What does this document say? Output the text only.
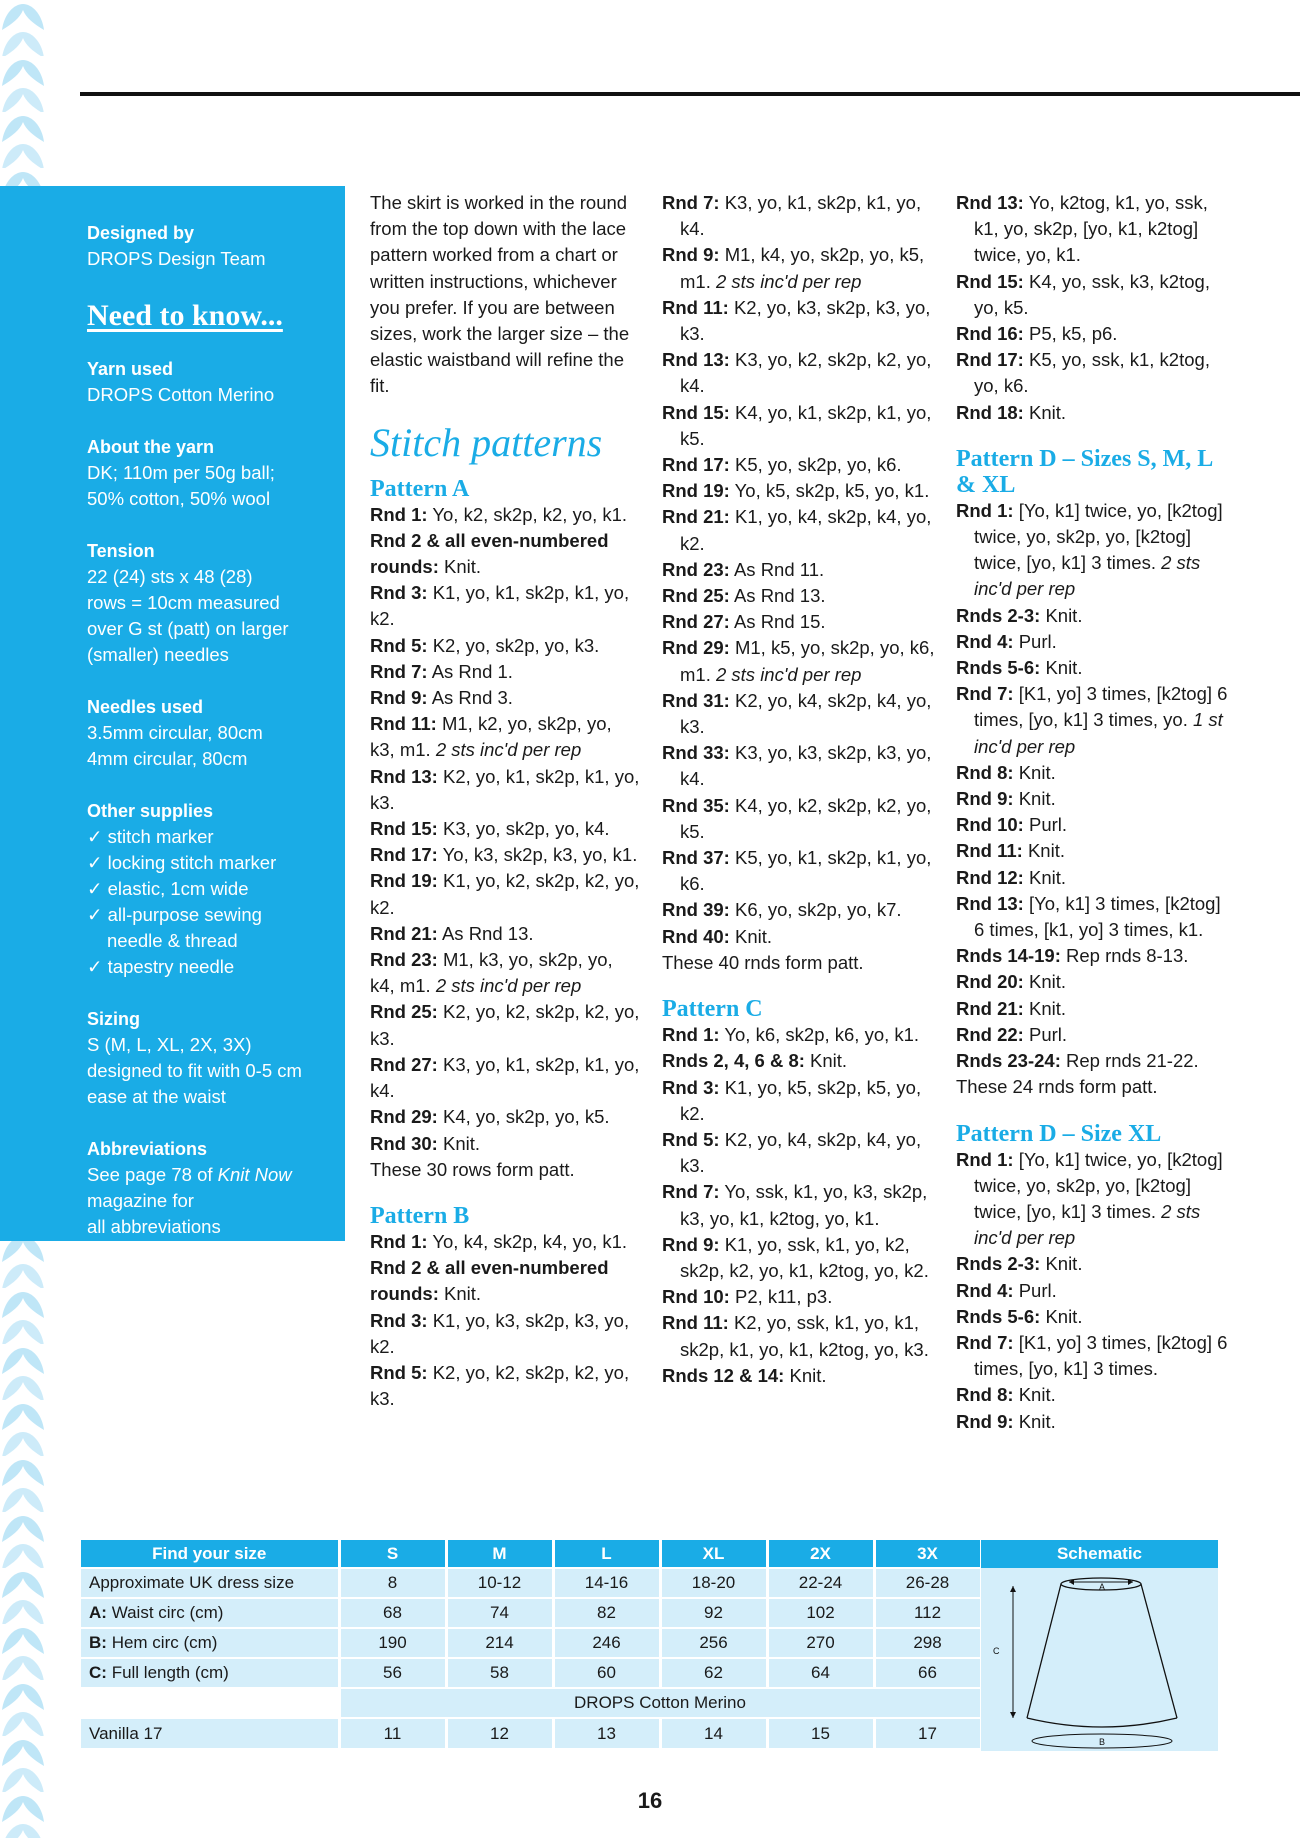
Designed by

DROPS Design Team

Need to know...
Yarn used

DROPS Cotton Merino

About the yarn

DK; 110m per 50g ball;

50% cotton, 50% wool

Tension

22 (24) sts x 48 (28)

rows = 10cm measured

over G st (patt) on larger

(smaller) needles

Needles used

3.5mm circular, 80cm

4mm circular, 80cm

Other supplies

✓ stitch marker

✓ locking stitch marker

✓ elastic, 1cm wide

✓ all-purpose sewing needle & thread

✓ tapestry needle

Sizing

S (M, L, XL, 2X, 3X)

designed to fit with 0-5 cm

ease at the waist

Abbreviations

See page 78 of Knit Now magazine for

all abbreviations

The skirt is worked in the round from the top down with the lace pattern worked from a chart or written instructions, whichever you prefer. If you are between sizes, work the larger size – the elastic waistband will refine the fit.

Stitch patterns
Pattern A

Rnd 1: Yo, k2, sk2p, k2, yo, k1.

Rnd 2 & all even-numbered rounds: Knit.

Rnd 3: K1, yo, k1, sk2p, k1, yo, k2.

Rnd 5: K2, yo, sk2p, yo, k3.

Rnd 7: As Rnd 1.

Rnd 9: As Rnd 3.

Rnd 11: M1, k2, yo, sk2p, yo, k3, m1. 2 sts inc'd per rep

Rnd 13: K2, yo, k1, sk2p, k1, yo, k3.

Rnd 15: K3, yo, sk2p, yo, k4.

Rnd 17: Yo, k3, sk2p, k3, yo, k1.

Rnd 19: K1, yo, k2, sk2p, k2, yo, k2.

Rnd 21: As Rnd 13.

Rnd 23: M1, k3, yo, sk2p, yo, k4, m1. 2 sts inc'd per rep

Rnd 25: K2, yo, k2, sk2p, k2, yo, k3.

Rnd 27: K3, yo, k1, sk2p, k1, yo, k4.

Rnd 29: K4, yo, sk2p, yo, k5.

Rnd 30: Knit.

These 30 rows form patt.

Pattern B

Rnd 1: Yo, k4, sk2p, k4, yo, k1.

Rnd 2 & all even-numbered rounds: Knit.

Rnd 3: K1, yo, k3, sk2p, k3, yo, k2.

Rnd 5: K2, yo, k2, sk2p, k2, yo, k3.

Rnd 7: K3, yo, k1, sk2p, k1, yo, k4.

Rnd 9: M1, k4, yo, sk2p, yo, k5, m1. 2 sts inc'd per rep

Rnd 11: K2, yo, k3, sk2p, k3, yo, k3.

Rnd 13: K3, yo, k2, sk2p, k2, yo, k4.

Rnd 15: K4, yo, k1, sk2p, k1, yo, k5.

Rnd 17: K5, yo, sk2p, yo, k6.

Rnd 19: Yo, k5, sk2p, k5, yo, k1.

Rnd 21: K1, yo, k4, sk2p, k4, yo, k2.

Rnd 23: As Rnd 11.

Rnd 25: As Rnd 13.

Rnd 27: As Rnd 15.

Rnd 29: M1, k5, yo, sk2p, yo, k6, m1. 2 sts inc'd per rep

Rnd 31: K2, yo, k4, sk2p, k4, yo, k3.

Rnd 33: K3, yo, k3, sk2p, k3, yo, k4.

Rnd 35: K4, yo, k2, sk2p, k2, yo, k5.

Rnd 37: K5, yo, k1, sk2p, k1, yo, k6.

Rnd 39: K6, yo, sk2p, yo, k7.

Rnd 40: Knit.

These 40 rnds form patt.

Pattern C

Rnd 1: Yo, k6, sk2p, k6, yo, k1.

Rnds 2, 4, 6 & 8: Knit.

Rnd 3: K1, yo, k5, sk2p, k5, yo, k2.

Rnd 5: K2, yo, k4, sk2p, k4, yo, k3.

Rnd 7: Yo, ssk, k1, yo, k3, sk2p, k3, yo, k1, k2tog, yo, k1.

Rnd 9: K1, yo, ssk, k1, yo, k2, sk2p, k2, yo, k1, k2tog, yo, k2.

Rnd 10: P2, k11, p3.

Rnd 11: K2, yo, ssk, k1, yo, k1, sk2p, k1, yo, k1, k2tog, yo, k3.

Rnds 12 & 14: Knit.

Rnd 13: Yo, k2tog, k1, yo, ssk, k1, yo, sk2p, [yo, k1, k2tog] twice, yo, k1.

Rnd 15: K4, yo, ssk, k3, k2tog, yo, k5.

Rnd 16: P5, k5, p6.

Rnd 17: K5, yo, ssk, k1, k2tog, yo, k6.

Rnd 18: Knit.

Pattern D – Sizes S, M, L & XL

Rnd 1: [Yo, k1] twice, yo, [k2tog] twice, yo, sk2p, yo, [k2tog] twice, [yo, k1] 3 times. 2 sts inc'd per rep

Rnds 2-3: Knit.

Rnd 4: Purl.

Rnds 5-6: Knit.

Rnd 7: [K1, yo] 3 times, [k2tog] 6 times, [yo, k1] 3 times, yo. 1 st inc'd per rep

Rnd 8: Knit.

Rnd 9: Knit.

Rnd 10: Purl.

Rnd 11: Knit.

Rnd 12: Knit.

Rnd 13: [Yo, k1] 3 times, [k2tog] 6 times, [k1, yo] 3 times, k1.

Rnds 14-19: Rep rnds 8-13.

Rnd 20: Knit.

Rnd 21: Knit.

Rnd 22: Purl.

Rnds 23-24: Rep rnds 21-22.

These 24 rnds form patt.

Pattern D – Size XL

Rnd 1: [Yo, k1] twice, yo, [k2tog] twice, yo, sk2p, yo, [k2tog] twice, [yo, k1] 3 times. 2 sts inc'd per rep

Rnds 2-3: Knit.

Rnd 4: Purl.

Rnds 5-6: Knit.

Rnd 7: [K1, yo] 3 times, [k2tog] 6 times, [yo, k1] 3 times.

Rnd 8: Knit.

Rnd 9: Knit.

Find your size	S	M	L	XL	2X	3X
Approximate UK dress size	8	10-12	14-16	18-20	22-24	26-28
A: Waist circ (cm)	68	74	82	92	102	112
B: Hem circ (cm)	190	214	246	256	270	298
C: Full length (cm)	56	58	60	62	64	66
	DROPS Cotton Merino					
Vanilla 17	11	12	13	14	15	17
Schematic
A
C
B
16
